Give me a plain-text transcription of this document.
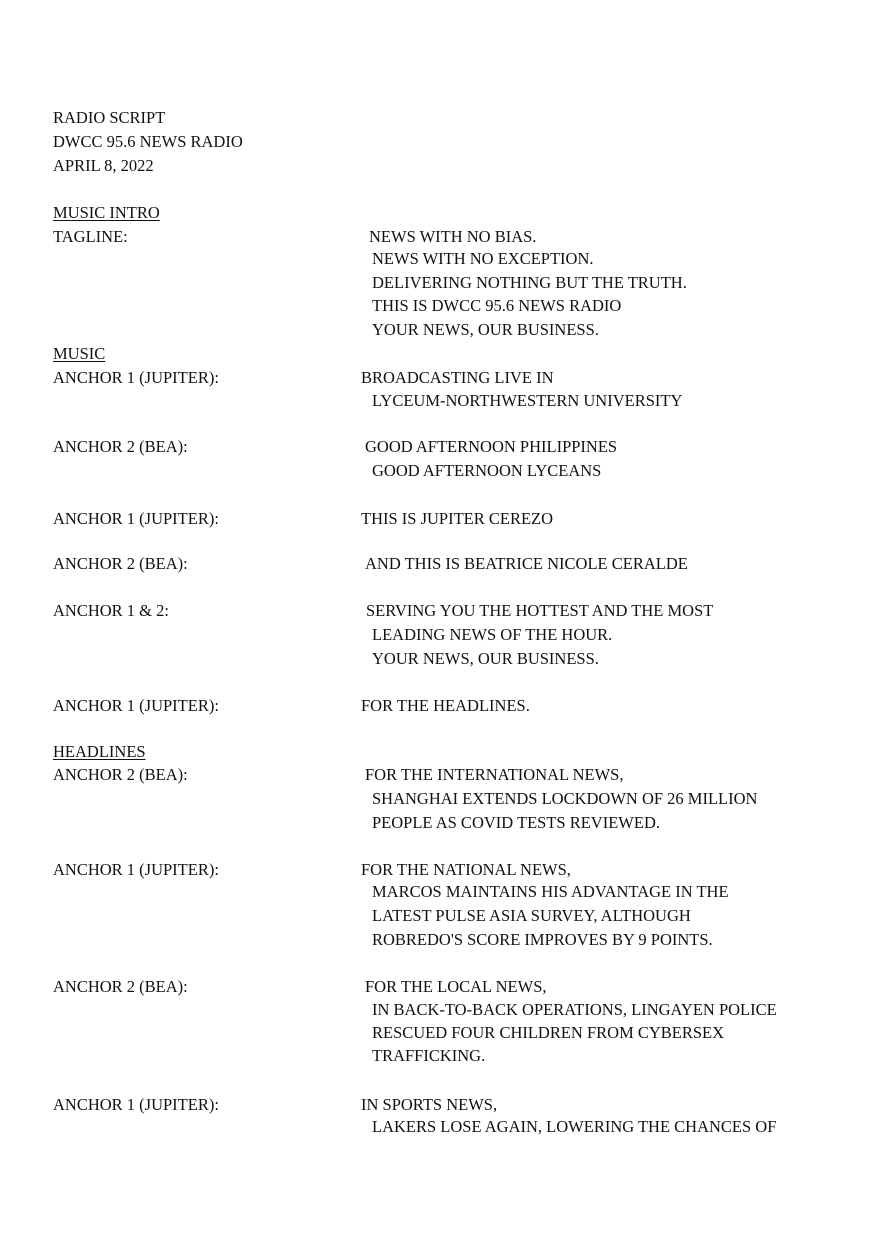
RADIO SCRIPT
DWCC 95.6 NEWS RADIO
APRIL 8, 2022
MUSIC INTRO
TAGLINE:	NEWS WITH NO BIAS.
NEWS WITH NO EXCEPTION.
DELIVERING NOTHING BUT THE TRUTH.
THIS IS DWCC 95.6 NEWS RADIO
YOUR NEWS, OUR BUSINESS.
MUSIC
ANCHOR 1 (JUPITER):	BROADCASTING LIVE IN
LYCEUM-NORTHWESTERN UNIVERSITY
ANCHOR 2 (BEA):	GOOD AFTERNOON PHILIPPINES
GOOD AFTERNOON LYCEANS
ANCHOR 1 (JUPITER):	THIS IS JUPITER CEREZO
ANCHOR 2 (BEA):	AND THIS IS BEATRICE NICOLE CERALDE
ANCHOR 1 & 2:	SERVING YOU THE HOTTEST AND THE MOST
LEADING NEWS OF THE HOUR.
YOUR NEWS, OUR BUSINESS.
ANCHOR 1 (JUPITER):	FOR THE HEADLINES.
HEADLINES
ANCHOR 2 (BEA):	FOR THE INTERNATIONAL NEWS,
SHANGHAI EXTENDS LOCKDOWN OF 26 MILLION
PEOPLE AS COVID TESTS REVIEWED.
ANCHOR 1 (JUPITER):	FOR THE NATIONAL NEWS,
MARCOS MAINTAINS HIS ADVANTAGE IN THE
LATEST PULSE ASIA SURVEY, ALTHOUGH
ROBREDO'S SCORE IMPROVES BY 9 POINTS.
ANCHOR 2 (BEA):	FOR THE LOCAL NEWS,
IN BACK-TO-BACK OPERATIONS, LINGAYEN POLICE
RESCUED FOUR CHILDREN FROM CYBERSEX
TRAFFICKING.
ANCHOR 1 (JUPITER):	IN SPORTS NEWS,
LAKERS LOSE AGAIN, LOWERING THE CHANCES OF
